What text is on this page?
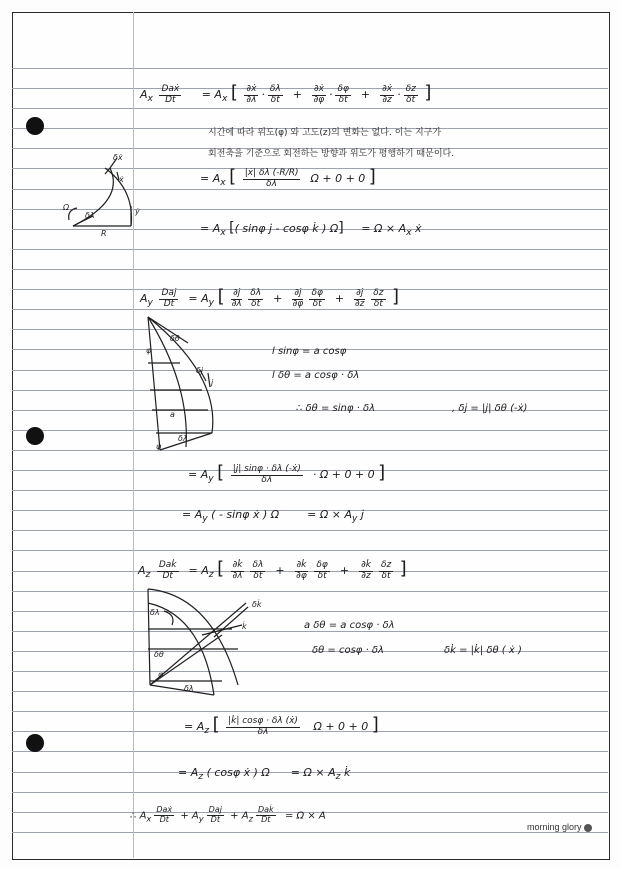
$A_x \frac{\text{Daẋ}}{Dt} = A_x$ [ $\frac{\partial ẋ}{\partial\lambda} \cdot \frac{\delta\lambda}{\delta t} + \frac{\partial ẋ}{\partial\varphi} \cdot \frac{\delta\varphi}{\delta t} + \frac{\partial ẋ}{\partial z} \cdot \frac{\delta z}{\delta t}$ ]
시간에 따라 위도(φ) 와 고도(z)의 변화는 없다. 이는 지구가
회전축을 기준으로 회전하는 방향과 위도가 평행하기 때문이다.
= $A_x$ [ $\frac{|ẋ| \delta\lambda (-R/R)}{\delta\lambda}$ Ω + 0 + 0 ]
= $A_x$ [( sinφ j̇ - cosφ k̇ ) $\Omega] = \Omega \times A_x$ ẋ
δẋ
ẋ
ẏ
R
Ω
δλ
$A_y \frac{\text{Daj̇}}{Dt} = A_y$ [ $\frac{\partial j̇}{\partial\lambda} \frac{\delta\lambda}{\delta t} + \frac{\partial j̇}{\partial\varphi} \frac{\delta\varphi}{\delta t} + \frac{\partial j̇}{\partial z} \frac{\delta z}{\delta t}$ ]
δθ
φ
δj̇
j̇
a
δλ
φ
l sinφ = a cosφ
l δθ = a cosφ · δλ
∴ δθ = sinφ · δλ	, δj̇ = |j̇| δθ (-ẋ)
= $A_y$ [ $\frac{|j̇| \sin\varphi \cdot \delta\lambda (-ẋ)}{\delta\lambda} \cdot \Omega + 0 + 0$ ]
= $A_y$ ( - sinφ ẋ ) Ω	= $\Omega \times A_y$ j̇
$A_z \frac{\text{Dak̇}}{Dt} = A_z$ [ $\frac{\partial k̇}{\partial\lambda} \frac{\delta\lambda}{\delta t} + \frac{\partial k̇}{\partial\varphi} \frac{\delta\varphi}{\delta t} + \frac{\partial k̇}{\partial z} \frac{\delta z}{\delta t}$ ]
δλ
δk̇
k̇
δθ
φ
δλ
a δθ = a cosφ · δλ
δθ = cosφ · δλ	δk̇ = |k̇| δθ ( ẋ )
= $A_z$ [ $\frac{|k̇| \cos\varphi \cdot \delta\lambda (ẋ)}{\delta\lambda}$ Ω + 0 + 0 ]
= $A_z$ ( cosφ ẋ ) $\Omega = \Omega \times A_z$ k̇
∴ $A_x \frac{\text{Daẋ}}{Dt} + A_y \frac{\text{Daj̇}}{Dt} + A_z \frac{\text{Dak̇}}{Dt} = \Omega \times A$
morning glory
